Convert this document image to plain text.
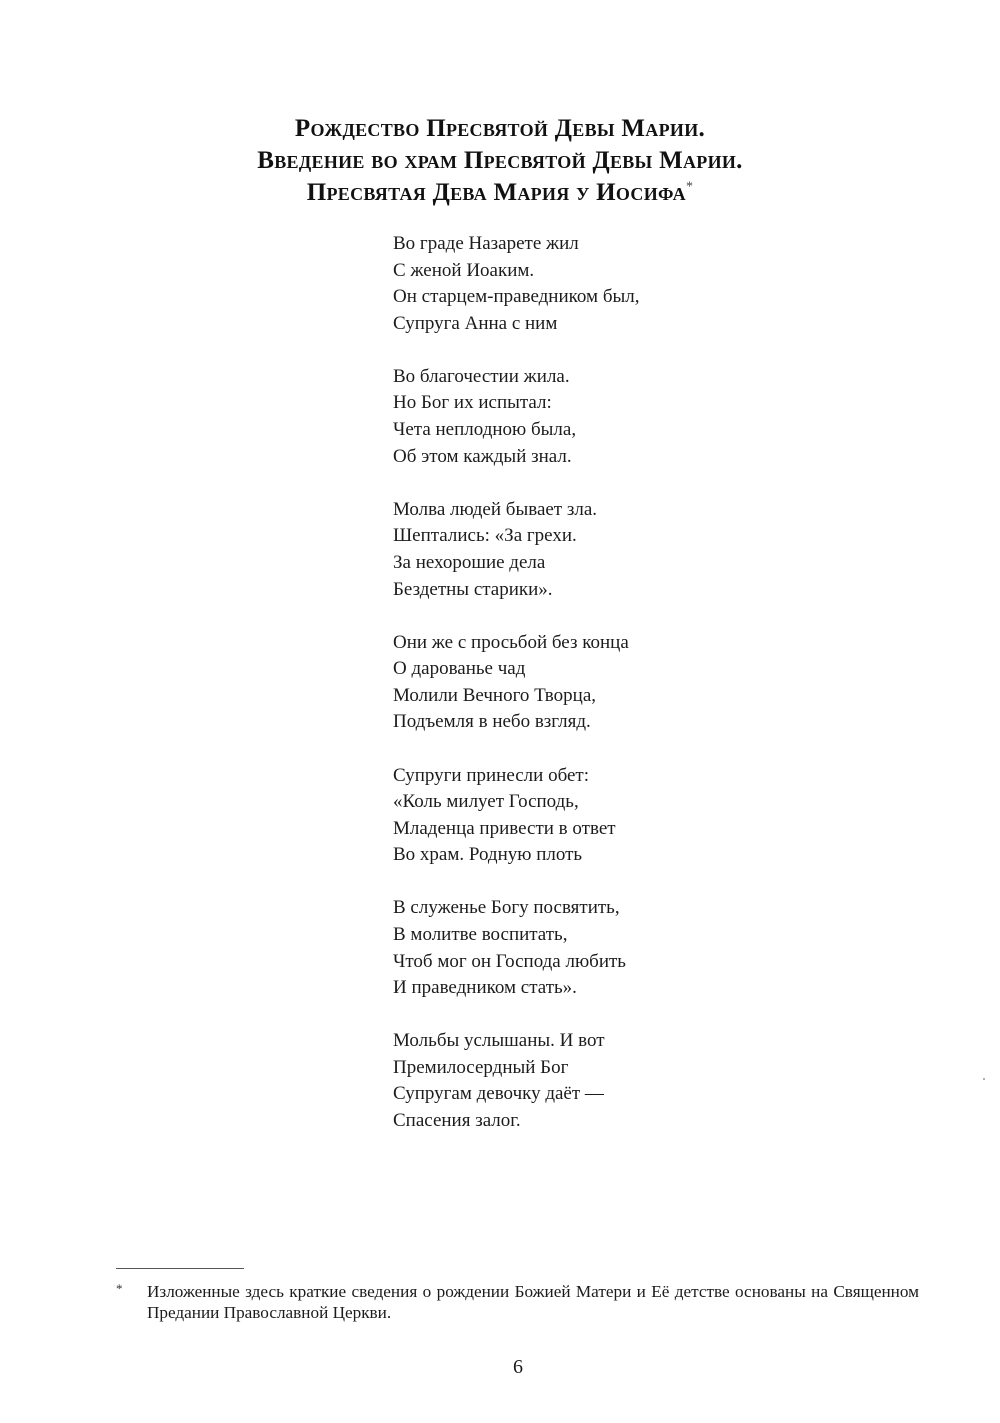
Рождество Пресвятой Девы Марии.
Введение во храм Пресвятой Девы Марии.
Пресвятая Дева Мария у Иосифа*
Во граде Назарете жил
С женой Иоаким.
Он старцем-праведником был,
Супруга Анна с ним
Во благочестии жила.
Но Бог их испытал:
Чета неплодною была,
Об этом каждый знал.
Молва людей бывает зла.
Шептались: «За грехи.
За нехорошие дела
Бездетны старики».
Они же с просьбой без конца
О дарованье чад
Молили Вечного Творца,
Подъемля в небо взгляд.
Супруги принесли обет:
«Коль милует Господь,
Младенца привести в ответ
Во храм. Родную плоть
В служенье Богу посвятить,
В молитве воспитать,
Чтоб мог он Господа любить
И праведником стать».
Мольбы услышаны. И вот
Премилосердный Бог
Супругам девочку даёт —
Спасения залог.
* Изложенные здесь краткие сведения о рождении Божией Матери и Её детстве основаны на Священном Предании Православной Церкви.
6
